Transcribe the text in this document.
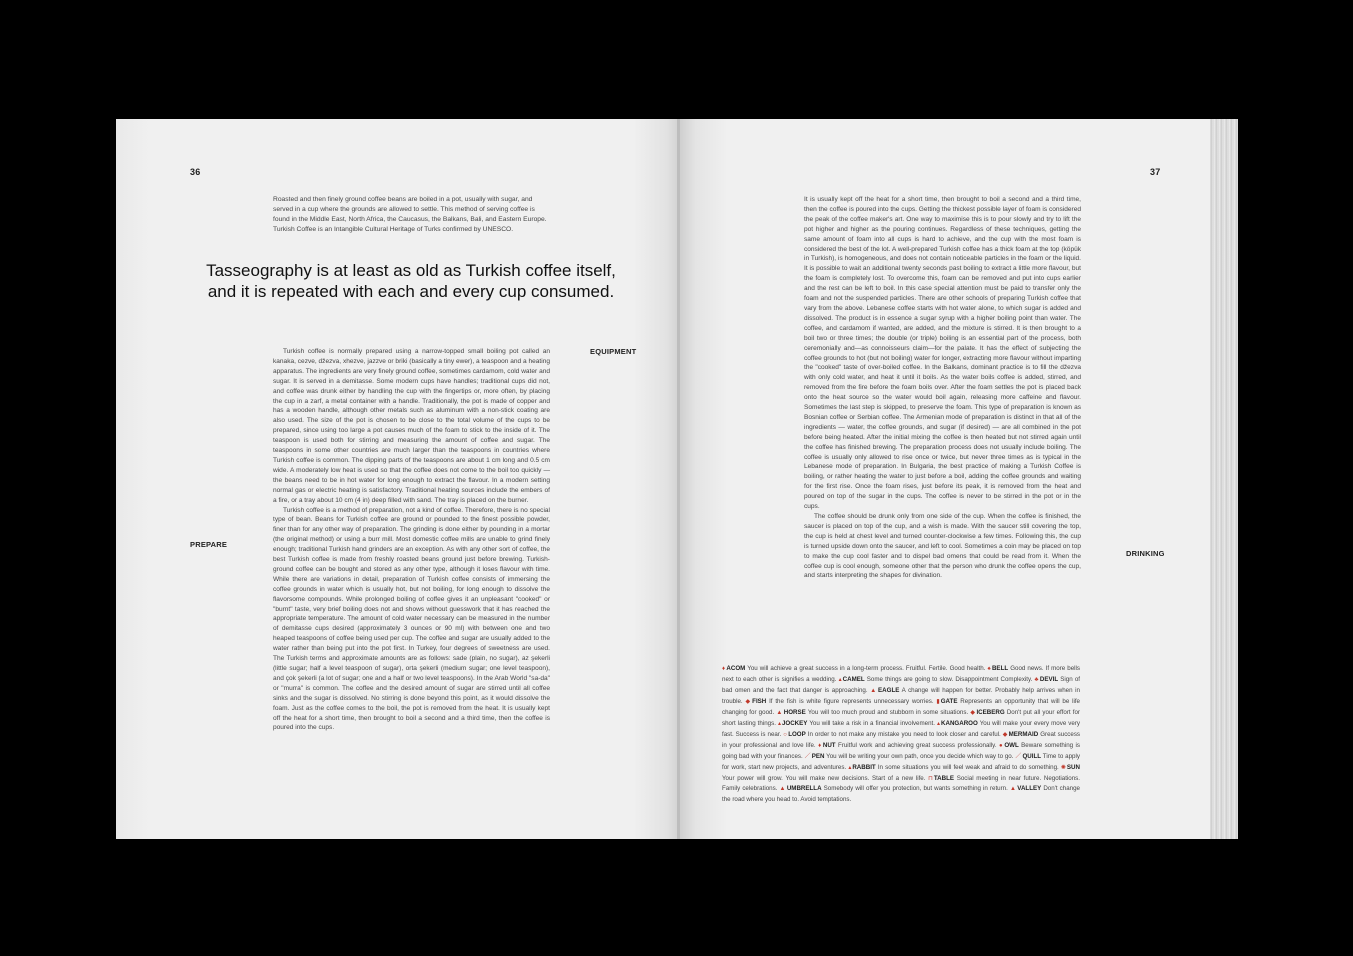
36
Roasted and then finely ground coffee beans are boiled in a pot, usually with sugar, and served in a cup where the grounds are allowed to settle. This method of serving coffee is found in the Middle East, North Africa, the Caucasus, the Balkans, Bali, and Eastern Europe. Turkish Coffee is an Intangible Cultural Heritage of Turks confirmed by UNESCO.
Tasseography is at least as old as Turkish coffee itself, and it is repeated with each and every cup consumed.
EQUIPMENT
PREPARE

Turkish coffee is normally prepared using a narrow-topped small boiling pot called an kanaka, cezve, džezva, xhezve, jazzve or briki (basically a tiny ewer), a teaspoon and a heating apparatus. The ingredients are very finely ground coffee, sometimes cardamom, cold water and sugar. It is served in a demitasse. Some modern cups have handles; traditional cups did not, and coffee was drunk either by handling the cup with the fingertips or, more often, by placing the cup in a zarf, a metal container with a handle. Traditionally, the pot is made of copper and has a wooden handle, although other metals such as aluminum with a non-stick coating are also used. The size of the pot is chosen to be close to the total volume of the cups to be prepared, since using too large a pot causes much of the foam to stick to the inside of it. The teaspoon is used both for stirring and measuring the amount of coffee and sugar. The teaspoons in some other countries are much larger than the teaspoons in countries where Turkish coffee is common. The dipping parts of the teaspoons are about 1 cm long and 0.5 cm wide. A moderately low heat is used so that the coffee does not come to the boil too quickly — the beans need to be in hot water for long enough to extract the flavour. In a modern setting normal gas or electric heating is satisfactory. Traditional heating sources include the embers of a fire, or a tray about 10 cm (4 in) deep filled with sand. The tray is placed on the burner.

Turkish coffee is a method of preparation, not a kind of coffee. Therefore, there is no special type of bean. Beans for Turkish coffee are ground or pounded to the finest possible powder, finer than for any other way of preparation. The grinding is done either by pounding in a mortar (the original method) or using a burr mill. Most domestic coffee mills are unable to grind finely enough; traditional Turkish hand grinders are an exception. As with any other sort of coffee, the best Turkish coffee is made from freshly roasted beans ground just before brewing. Turkish-ground coffee can be bought and stored as any other type, although it loses flavour with time. While there are variations in detail, preparation of Turkish coffee consists of immersing the coffee grounds in water which is usually hot, but not boiling, for long enough to dissolve the flavorsome compounds. While prolonged boiling of coffee gives it an unpleasant "cooked" or "burnt" taste, very brief boiling does not and shows without guesswork that it has reached the appropriate temperature. The amount of cold water necessary can be measured in the number of demitasse cups desired (approximately 3 ounces or 90 ml) with between one and two heaped teaspoons of coffee being used per cup. The coffee and sugar are usually added to the water rather than being put into the pot first. In Turkey, four degrees of sweetness are used. The Turkish terms and approximate amounts are as follows: sade (plain, no sugar), az şekerli (little sugar; half a level teaspoon of sugar), orta şekerli (medium sugar; one level teaspoon), and çok şekerli (a lot of sugar; one and a half or two level teaspoons). In the Arab World "sa-da" or "murra" is common. The coffee and the desired amount of sugar are stirred until all coffee sinks and the sugar is dissolved. No stirring is done beyond this point, as it would dissolve the foam. Just as the coffee comes to the boil, the pot is removed from the heat. It is usually kept off the heat for a short time, then brought to boil a second and a third time, then the coffee is poured into the cups.

37

It is usually kept off the heat for a short time, then brought to boil a second and a third time, then the coffee is poured into the cups. Getting the thickest possible layer of foam is considered the peak of the coffee maker's art. One way to maximise this is to pour slowly and try to lift the pot higher and higher as the pouring continues. Regardless of these techniques, getting the same amount of foam into all cups is hard to achieve, and the cup with the most foam is considered the best of the lot. A well-prepared Turkish coffee has a thick foam at the top (köpük in Turkish), is homogeneous, and does not contain noticeable particles in the foam or the liquid. It is possible to wait an additional twenty seconds past boiling to extract a little more flavour, but the foam is completely lost. To overcome this, foam can be removed and put into cups earlier and the rest can be left to boil. In this case special attention must be paid to transfer only the foam and not the suspended particles. There are other schools of preparing Turkish coffee that vary from the above. Lebanese coffee starts with hot water alone, to which sugar is added and dissolved. The product is in essence a sugar syrup with a higher boiling point than water. The coffee, and cardamom if wanted, are added, and the mixture is stirred. It is then brought to a boil two or three times; the double (or triple) boiling is an essential part of the process, both ceremonially and—as connoisseurs claim—for the palate. It has the effect of subjecting the coffee grounds to hot (but not boiling) water for longer, extracting more flavour without imparting the "cooked" taste of over-boiled coffee. In the Balkans, dominant practice is to fill the džezva with only cold water, and heat it until it boils. As the water boils coffee is added, stirred, and removed from the fire before the foam boils over. After the foam settles the pot is placed back onto the heat source so the water would boil again, releasing more caffeine and flavour. Sometimes the last step is skipped, to preserve the foam. This type of preparation is known as Bosnian coffee or Serbian coffee. The Armenian mode of preparation is distinct in that all of the ingredients — water, the coffee grounds, and sugar (if desired) — are all combined in the pot before being heated. After the initial mixing the coffee is then heated but not stirred again until the coffee has finished brewing. The preparation process does not usually include boiling. The coffee is usually only allowed to rise once or twice, but never three times as is typical in the Lebanese mode of preparation. In Bulgaria, the best practice of making a Turkish Coffee is boiling, or rather heating the water to just before a boil, adding the coffee grounds and waiting for the first rise. Once the foam rises, just before its peak, it is removed from the heat and poured on top of the sugar in the cups. The coffee is never to be stirred in the pot or in the cups.

The coffee should be drunk only from one side of the cup. When the coffee is finished, the saucer is placed on top of the cup, and a wish is made. With the saucer still covering the top, the cup is held at chest level and turned counter-clockwise a few times. Following this, the cup is turned upside down onto the saucer, and left to cool. Sometimes a coin may be placed on top to make the cup cool faster and to dispel bad omens that could be read from it. When the coffee cup is cool enough, someone other that the person who drunk the coffee opens the cup, and starts interpreting the shapes for divination.

DRINKING
♦ACOM You will achieve a great success in a long-term process. Fruitful. Fertile. Good health. ♠BELL Good news. If more bells next to each other is signifies a wedding. ▴CAMEL Some things are going to slow. Disappointment Complexity. ♣DEVIL Sign of bad omen and the fact that danger is approaching. ▲EAGLE A change will happen for better. Probably help arrives when in trouble. ◆FISH If the fish is white figure represents unnecessary worries. ▮GATE Represents an opportunity that will be life changing for good. ▲HORSE You will too much proud and stubborn in some situations. ◆ICEBERG Don't put all your effort for short lasting things. ▴JOCKEY You will take a risk in a financial involvement. ▴KANGAROO You will make your every move very fast. Success is near. ○LOOP In order to not make any mistake you need to look closer and careful. ◆MERMAID Great success in your professional and love life. ♦NUT Fruitful work and achieving great success professionally. ●OWL Beware something is going bad with your finances. ／PEN You will be writing your own path, once you decide which way to go. ／QUILL Time to apply for work, start new projects, and adventures. ▴RABBIT In some situations you will feel weak and afraid to do something. ✺SUN Your power will grow. You will make new decisions. Start of a new life. ⊓TABLE Social meeting in near future. Negotiations. Family celebrations. ▲UMBRELLA Somebody will offer you protection, but wants something in return. ▲VALLEY Don't change the road where you head to. Avoid temptations.
